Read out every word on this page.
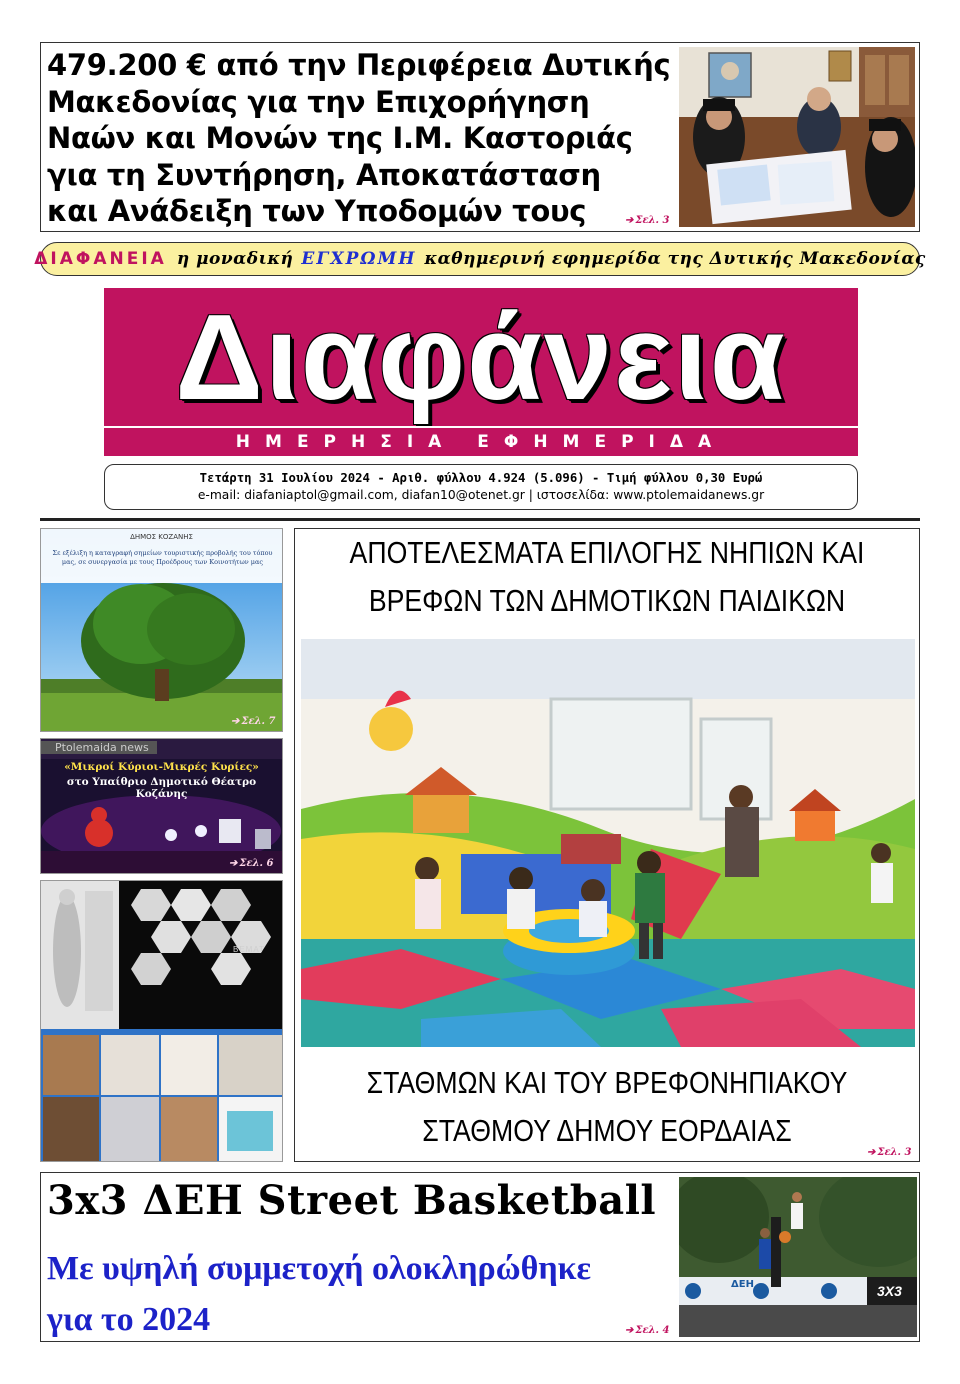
479.200 € από την Περιφέρεια Δυτικής
Μακεδονίας για την Επιχορήγηση
Ναών και Μονών της Ι.Μ. Καστοριάς
για τη Συντήρηση, Αποκατάσταση
και Ανάδειξη των Υποδομών τους	➔ Σελ. 3
ΔΙΑΦΑΝΕΙΑ η μοναδική ΕΓΧΡΩΜΗ καθημερινή εφημερίδα της Δυτικής Μακεδονίας
Διαφάνεια
ΗΜΕΡΗΣΙΑ ΕΦΗΜΕΡΙΔΑ
Τετάρτη 31 Ιουλίου 2024 - Αριθ. φύλλου 4.924 (5.096) - Τιμή φύλλου 0,30 Ευρώ
e-mail: diafaniaptol@gmail.com, diafan10@otenet.gr | ιστοσελίδα: www.ptolemaidanews.gr
ΔΗΜΟΣ ΚΟΖΑΝΗΣ
Σε εξέλιξη η καταγραφή σημείων τουριστικής προβολής του τόπου μας, σε συνεργασία με τους Προέδρους των Κοινοτήτων μας
➔ Σελ. 7
Ptolemaida news
«Μικροί Κύριοι-Μικρές Κυρίες»
στο Υπαίθριο Δημοτικό Θέατρο Κοζάνης
➔ Σελ. 6
ΒΕΜΑΤ
ΑΠΟΤΕΛΕΣΜΑΤΑ ΕΠΙΛΟΓΗΣ ΝΗΠΙΩΝ ΚΑΙ
ΒΡΕΦΩΝ ΤΩΝ ΔΗΜΟΤΙΚΩΝ ΠΑΙΔΙΚΩΝ
ΣΤΑΘΜΩΝ ΚΑΙ ΤΟΥ ΒΡΕΦΟΝΗΠΙΑΚΟΥ
ΣΤΑΘΜΟΥ ΔΗΜΟΥ ΕΟΡΔΑΙΑΣ
➔ Σελ. 3
3x3 ΔΕΗ Street Basketball
Με υψηλή συμμετοχή ολοκληρώθηκε
για το 2024	➔ Σελ. 4
ΔΕΗ	3X3
